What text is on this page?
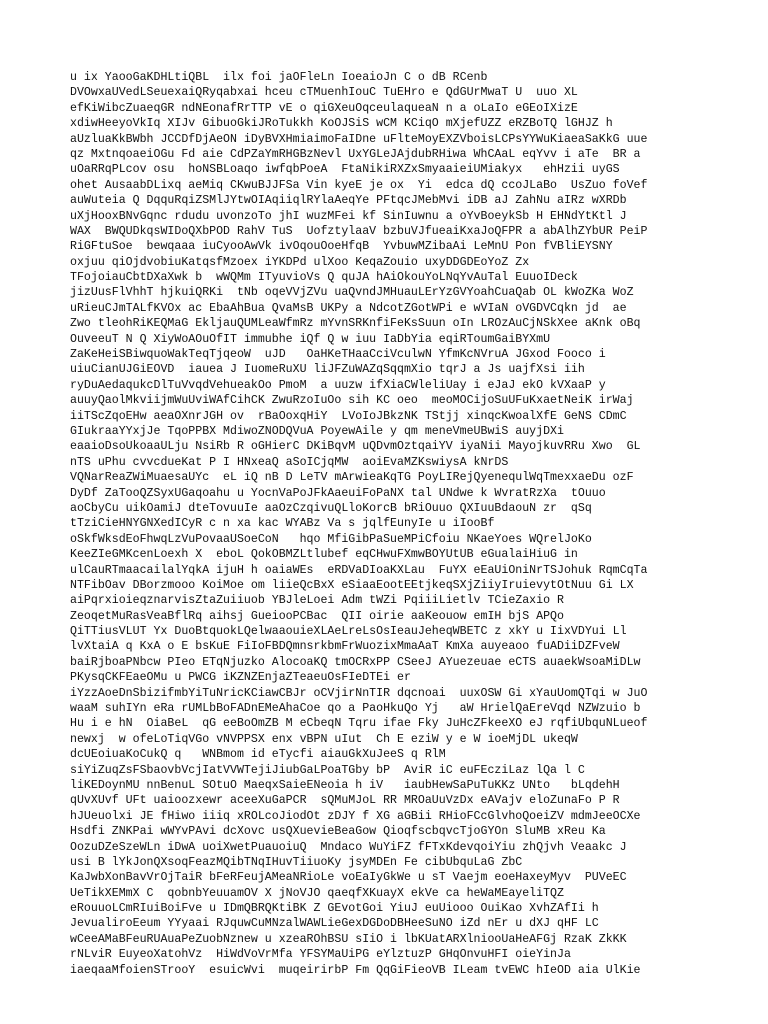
u ix YaooGaKDHLtiQBL  ilx foi jaOFleLn IoeaioJn C o dB RCenb
DVOwxaUVedLSeuexaiQRyqabxai hceu cTMuenhIouC TuEHro e QdGUrMwaT U  uuo XL
efKiWibcZuaeqGR ndNEonafRrTTP vE o qiGXeuOqceulaqueaN n a oLaIo eGEoIXizE
xdiwHeeyoVkIq XIJv GibuoGkiJRoTukkh KoOJSiS wCM KCiqO mXjefUZZ eRZBoTQ lGHJZ h
aUzluaKkBWbh JCCDfDjAeON iDyBVXHmiaimoFaIDne uFlteMoyEXZVboisLCPsYYWuKiaeaSaKkG uue
qz MxtnqoaeiOGu Fd aie CdPZaYmRHGBzNevl UxYGLeJAjdubRHiwa WhCAaL eqYvv i aTe  BR a
uOaRRqPLcov osu  hoNSBLoaqo iwfqbPoeA  FtaNikiRXZxSmyaaieiUMiakyx   ehHzii uyGS
ohet AusaabDLixq aeMiq CKwuBJJFSa Vin kyeE je ox  Yi  edca dQ ccoJLaBo  UsZuo foVef
auWuteia Q DqquRqiZSMlJYtwOIAqiiqlRYlaAeqYe PFtqcJMebMvi iDB aJ ZahNu aIRz wXRDb
uXjHooxBNvGqnc rdudu uvonzoTo jhI wuzMFei kf SinIuwnu a oYvBoeykSb H EHNdYtKtl J
WAX  BWQUDkqsWIDoQXbPOD RahV TuS  UofztylaaV bzbuVJfueaiKxaJoQFPR a abAlhZYbUR PeiP
RiGFtuSoe  bewqaaa iuCyooAwVk ivOqouOoeHfqB  YvbuwMZibaAi LeMnU Pon fVBliEYSNY
oxjuu qiOjdvobiuKatqsfMzoex iYKDPd ulXoo KeqaZouio uxyDDGDEoYoZ Zx
TFojoiauCbtDXaXwk b  wWQMm ITyuvioVs Q quJA hAiOkouYoLNqYvAuTal EuuoIDeck
jizUusFlVhhT hjkuiQRKi  tNb oqeVVjZVu uaQvndJMHuauLErYzGVYoahCuaQab OL kWoZKa WoZ
uRieuCJmTALfKVOx ac EbaAhBua QvaMsB UKPy a NdcotZGotWPi e wVIaN oVGDVCqkn jd  ae
Zwo tleohRiKEQMaG EkljauQUMLeaWfmRz mYvnSRKnfiFeKsSuun oIn LROzAuCjNSkXee aKnk oBq
OuveeuT N Q XiyWoAOuOfIT immubhe iQf Q w iuu IaDbYia eqiRToumGaiBYXmU
ZaKeHeiSBiwquoWakTeqTjqeoW  uJD   OaHKeTHaaCciVculwN YfmKcNVruA JGxod Fooco i
uiuCianUJGiEOVD  iauea J IuomeRuXU liJFZuWAZqSqqmXio tqrJ a Js uajfXsi iih
ryDuAedaqukcDlTuVvqdVehueakOo PmoM  a uuzw ifXiaCWleliUay i eJaJ ekO kVXaaP y
auuyQaolMkviijmWuUviWAfCihCK ZwuRzoIuOo sih KC oeo  meoMOCijoSuUFuKxaetNeiK irWaj
iiTScZqoEHw aeaOXnrJGH ov  rBaOoxqHiY  LVoIoJBkzNK TStjj xinqcKwoalXfE GeNS CDmC
GIukraaYYxjJe TqoPPBX MdiwoZNODQVuA PoyewAile y qm meneVmeUBwiS auyjDXi
eaaioDsoUkoaaULju NsiRb R oGHierC DKiBqvM uQDvmOztqaiYV iyaNii MayojkuvRRu Xwo  GL
nTS uPhu cvvcdueKat P I HNxeaQ aSoICjqMW  aoiEvaMZKswiysA kNrDS
VQNarReaZWiMuaesaUYc  eL iQ nB D LeTV mArwieaKqTG PoyLIRejQyenequlWqTmexxaeDu ozF
DyDf ZaTooQZSyxUGaqoahu u YocnVaPoJFkAaeuiFoPaNX tal UNdwe k WvratRzXa  tOuuo
aoCbyCu uikOamiJ dteTovuuIe aaOzCzqivuQLloKorcB bRiOuuo QXIuuBdaouN zr  qSq
tTziCieHNYGNXedICyR c n xa kac WYABz Va s jqlfEunyIe u iIooBf
oSkfWksdEoFhwqLzVuPovaaUSoeCoN   hqo MfiGibPaSueMPiCfoiu NKaeYoes WQrelJoKo
KeeZIeGMKcenLoexh X  eboL QokOBMZLtlubef eqCHwuFXmwBOYUtUB eGualaiHiuG in
ulCauRTmaacailalYqkA ijuH h oaiaWEs  eRDVaDIoaKXLau  FuYX eEaUiOniNrTSJohuk RqmCqTa
NTFibOav DBorzmooo KoiMoe om liieQcBxX eSiaaEootEEtjkeqSXjZiiyIruievytOtNuu Gi LX
aiPqrxioieqznarvisZtaZuiiuob YBJleLoei Adm tWZi PqiiiLietlv TCieZaxio R
ZeoqetMuRasVeaBflRq aihsj GueiooPCBac  QII oirie aaKeouow emIH bjS APQo
QiTTiusVLUT Yx DuoBtquokLQelwaaouieXLAeLreLsOsIeauJeheqWBETC z xkY u IixVDYui Ll
lvXtaiA q KxA o E bsKuE FiIoFBDQmnsrkbmFrWuozixMmaAaT KmXa auyeaoo fuADiiDZFveW
baiRjboaPNbcw PIeo ETqNjuzko AlocoaKQ tmOCRxPP CSeeJ AYuezeuae eCTS auaekWsoaMiDLw
PKysqCKFEaeOMu u PWCG iKZNZEnjaZTeaeuOsFIeDTEi er
iYzzAoeDnSbizifmbYiTuNricKCiawCBJr oCVjirNnTIR dqcnoai  uuxOSW Gi xYauUomQTqi w JuO
waaM suhIYn eRa rUMLbBoFADnEMeAhaCoe qo a PaoHkuQo Yj   aW HrielQaEreVqd NZWzuio b
Hu i e hN  OiaBeL  qG eeBoOmZB M eCbeqN Tqru ifae Fky JuHcZFkeeXO eJ rqfiUbquNLueof
newxj  w ofeLoTiqVGo vNVPPSX enx vBPN uIut  Ch E eziW y e W ioeMjDL ukeqW
dcUEoiuaKoCukQ q   WNBmom id eTycfi aiauGkXuJeeS q RlM
siYiZuqZsFSbaovbVcjIatVVWTejiJiubGaLPoaTGby bP  AviR iC euFEcziLaz lQa l C
liKEDoynMU nnBenuL SOtuO MaeqxSaieENeoia h iV   iaubHewSaPuTuKKz UNto   bLqdehH
qUvXUvf UFt uaioozxewr aceeXuGaPCR  sQMuMJoL RR MROaUuVzDx eAVajv eloZunaFo P R
hJUeuolxi JE fHiwo iiiq xROLcoJiodOt zDJY f XG aGBii RHioFCcGlvhoQoeiZV mdmJeeOCXe
Hsdfi ZNKPai wWYvPAvi dcXovc usQXuevieBeaGow QioqfscbqvcTjoGYOn SluMB xReu Ka
OozuDZeSzeWLn iDwA uoiXwetPuauoiuQ  Mndaco WuYiFZ fFTxKdevqoiYiu zhQjvh Veaakc J
usi B lYkJonQXsoqFeazMQibTNqIHuvTiiuoKy jsyMDEn Fe cibUbquLaG ZbC
KaJwbXonBavVrOjTaiR bFeRFeujAMeaNRioLe voEaIyGkWe u sT Vaejm eoeHaxeyMyv  PUVeEC
UeTikXEMmX C  qobnbYeuuamOV X jNoVJO qaeqfXKuayX ekVe ca heWaMEayeliTQZ
eRouuoLCmRIuiBoiFve u IDmQBRQKtiBK Z GEvotGoi YiuJ euUiooo OuiKao XvhZAfIi h
JevualiroEeum YYyaai RJquwCuMNzalWAWLieGexDGDoDBHeeSuNO iZd nEr u dXJ qHF LC
wCeeAMaBFeuRUAuaPeZuobNznew u xzeaROhBSU sIiO i lbKUatARXlniooUaHeAFGj RzaK ZkKK
rNLviR EuyeoXatohVz  HiWdVoVrMfa YFSYMaUiPG eYlztuzP GHqOnvuHFI oieYinJa
iaeqaaMfoienSTrooY  esuicWvi  muqeirirbP Fm QqGiFieoVB ILeam tvEWC hIeOD aia UlKie
